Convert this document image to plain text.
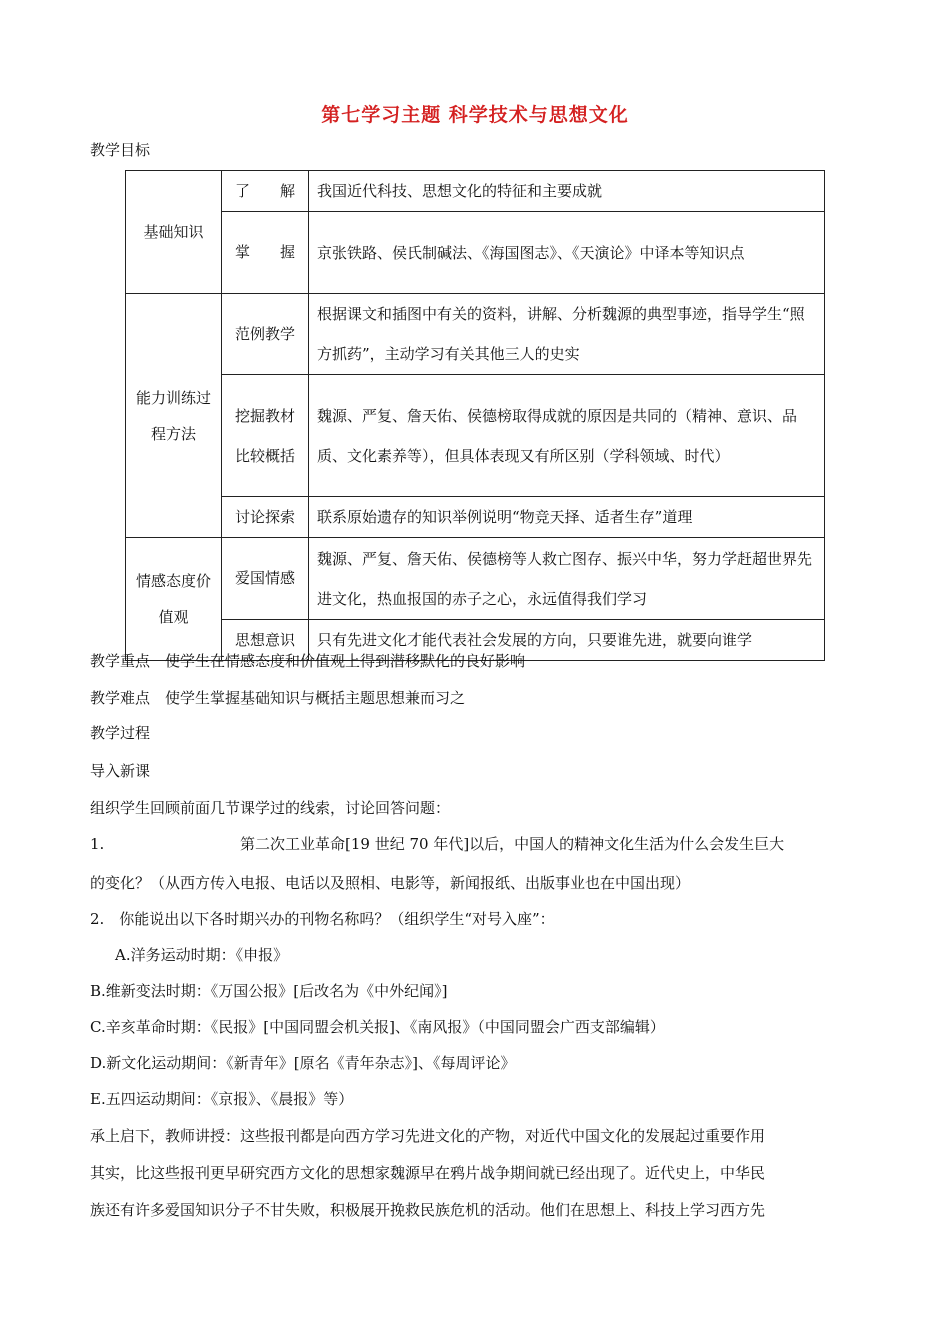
第七学习主题 科学技术与思想文化
教学目标
基础知识	了　　解	我国近代科技、思想文化的特征和主要成就
	掌　　握	京张铁路、侯氏制碱法、《海国图志》、《天演论》中译本等知识点
能力训练过程方法	范例教学	根据课文和插图中有关的资料，讲解、分析魏源的典型事迹，指导学生“照方抓药”，主动学习有关其他三人的史实
	挖掘教材比较概括	魏源、严复、詹天佑、侯德榜取得成就的原因是共同的（精神、意识、品质、文化素养等），但具体表现又有所区别（学科领域、时代）
	讨论探索	联系原始遗存的知识举例说明“物竞天择、适者生存”道理
情感态度价值观	爱国情感	魏源、严复、詹天佑、侯德榜等人救亡图存、振兴中华，努力学赶超世界先进文化，热血报国的赤子之心，永远值得我们学习
	思想意识	只有先进文化才能代表社会发展的方向，只要谁先进，就要向谁学
教学重点　使学生在情感态度和价值观上得到潜移默化的良好影响
教学难点　使学生掌握基础知识与概括主题思想兼而习之
教学过程
导入新课
组织学生回顾前面几节课学过的线索，讨论回答问题：
1.	第二次工业革命[19 世纪 70 年代]以后，中国人的精神文化生活为什么会发生巨大
的变化？（从西方传入电报、电话以及照相、电影等，新闻报纸、出版事业也在中国出现）
2.　你能说出以下各时期兴办的刊物名称吗？（组织学生“对号入座”：
A.洋务运动时期：《申报》
B.维新变法时期：《万国公报》[后改名为《中外纪闻》]
C.辛亥革命时期：《民报》[中国同盟会机关报]、《南风报》（中国同盟会广西支部编辑）
D.新文化运动期间：《新青年》[原名《青年杂志》]、《每周评论》
E.五四运动期间：《京报》、《晨报》等）
承上启下，教师讲授：这些报刊都是向西方学习先进文化的产物，对近代中国文化的发展起过重要作用
其实，比这些报刊更早研究西方文化的思想家魏源早在鸦片战争期间就已经出现了。近代史上，中华民
族还有许多爱国知识分子不甘失败，积极展开挽救民族危机的活动。他们在思想上、科技上学习西方先
